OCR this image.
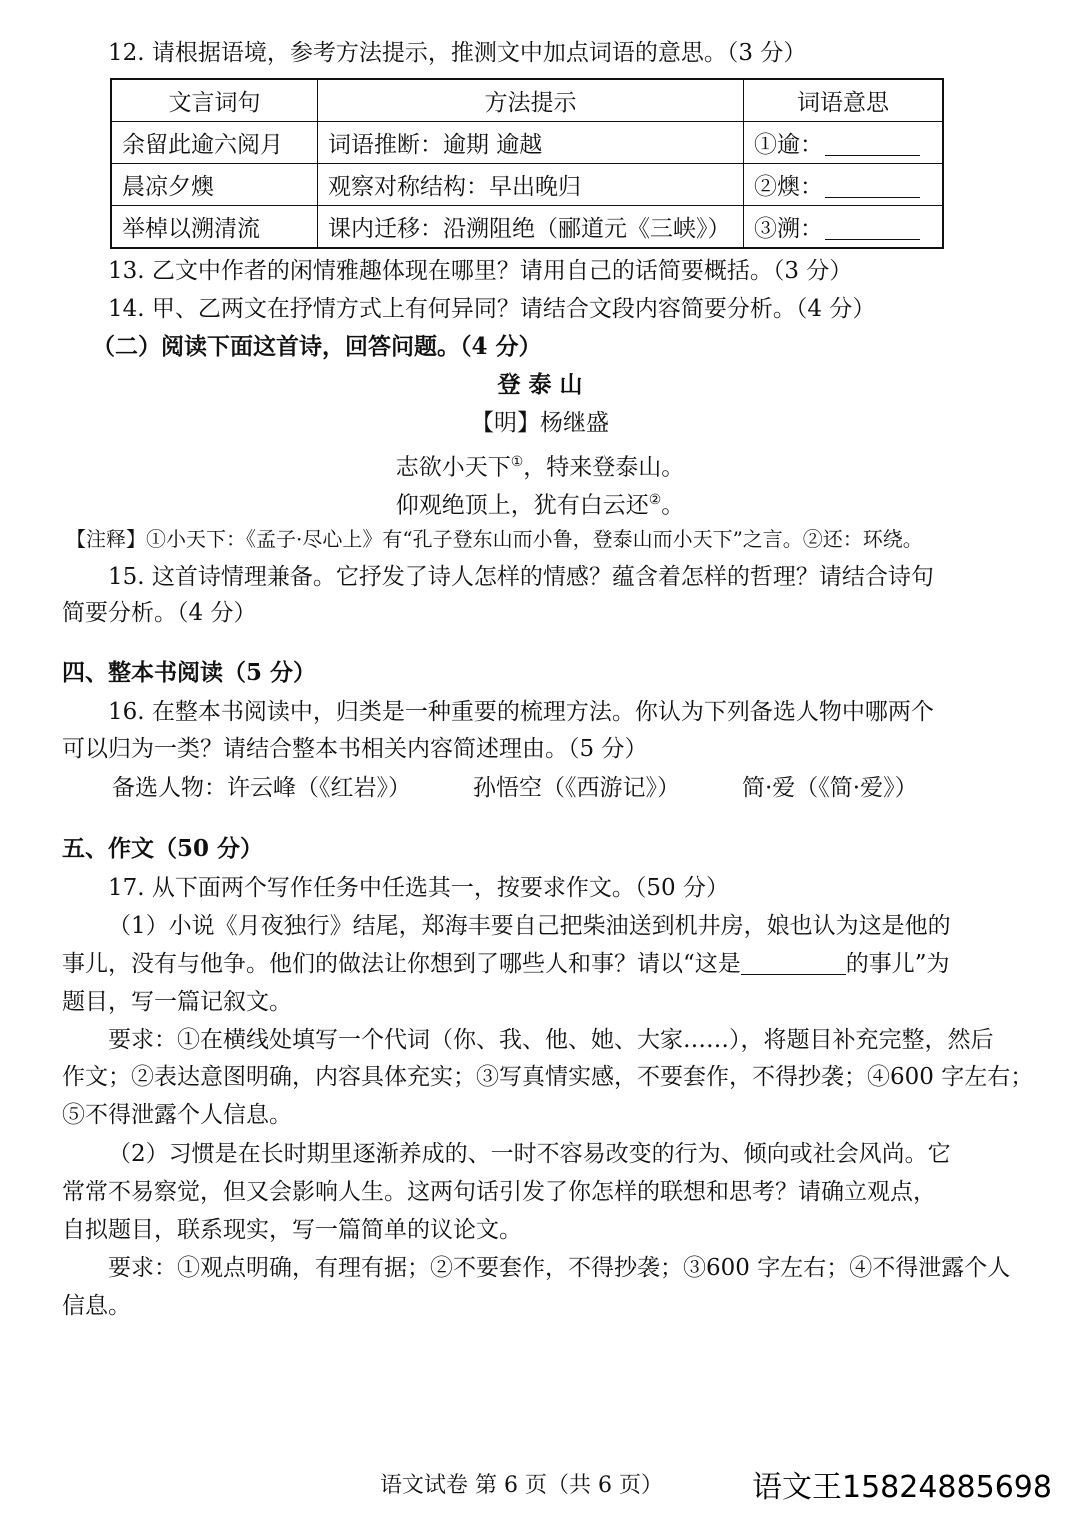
12. 请根据语境，参考方法提示，推测文中加点词语的意思。（3 分）
文言词句	方法提示	词语意思
余留此逾六阅月	词语推断：逾期 逾越	①逾：
晨凉夕燠	观察对称结构：早出晚归	②燠：
举棹以溯清流	课内迁移：沿溯阻绝（郦道元《三峡》）	③溯：
13. 乙文中作者的闲情雅趣体现在哪里？请用自己的话简要概括。（3 分）
14. 甲、乙两文在抒情方式上有何异同？请结合文段内容简要分析。（4 分）
（二）阅读下面这首诗，回答问题。（4 分）
登 泰 山
【明】杨继盛
志欲小天下①，特来登泰山。
仰观绝顶上，犹有白云还②。
【注释】①小天下：《孟子·尽心上》有“孔子登东山而小鲁，登泰山而小天下”之言。②还：环绕。
15. 这首诗情理兼备。它抒发了诗人怎样的情感？蕴含着怎样的哲理？请结合诗句
简要分析。（4 分）
四、整本书阅读（5 分）
16. 在整本书阅读中，归类是一种重要的梳理方法。你认为下列备选人物中哪两个
可以归为一类？请结合整本书相关内容简述理由。（5 分）
备选人物：许云峰（《红岩》）	孙悟空（《西游记》）	简·爱（《简·爱》）
五、作文（50 分）
17. 从下面两个写作任务中任选其一，按要求作文。（50 分）
（1）小说《月夜独行》结尾，郑海丰要自己把柴油送到机井房，娘也认为这是他的
事儿，没有与他争。他们的做法让你想到了哪些人和事？请以“这是	的事儿”为
题目，写一篇记叙文。
要求：①在横线处填写一个代词（你、我、他、她、大家……），将题目补充完整，然后
作文；②表达意图明确，内容具体充实；③写真情实感，不要套作，不得抄袭；④600 字左右；
⑤不得泄露个人信息。
（2）习惯是在长时期里逐渐养成的、一时不容易改变的行为、倾向或社会风尚。它
常常不易察觉，但又会影响人生。这两句话引发了你怎样的联想和思考？请确立观点，
自拟题目，联系现实，写一篇简单的议论文。
要求：①观点明确，有理有据；②不要套作，不得抄袭；③600 字左右；④不得泄露个人
信息。
语文试卷 第 6 页（共 6 页）	语文王15824885698
